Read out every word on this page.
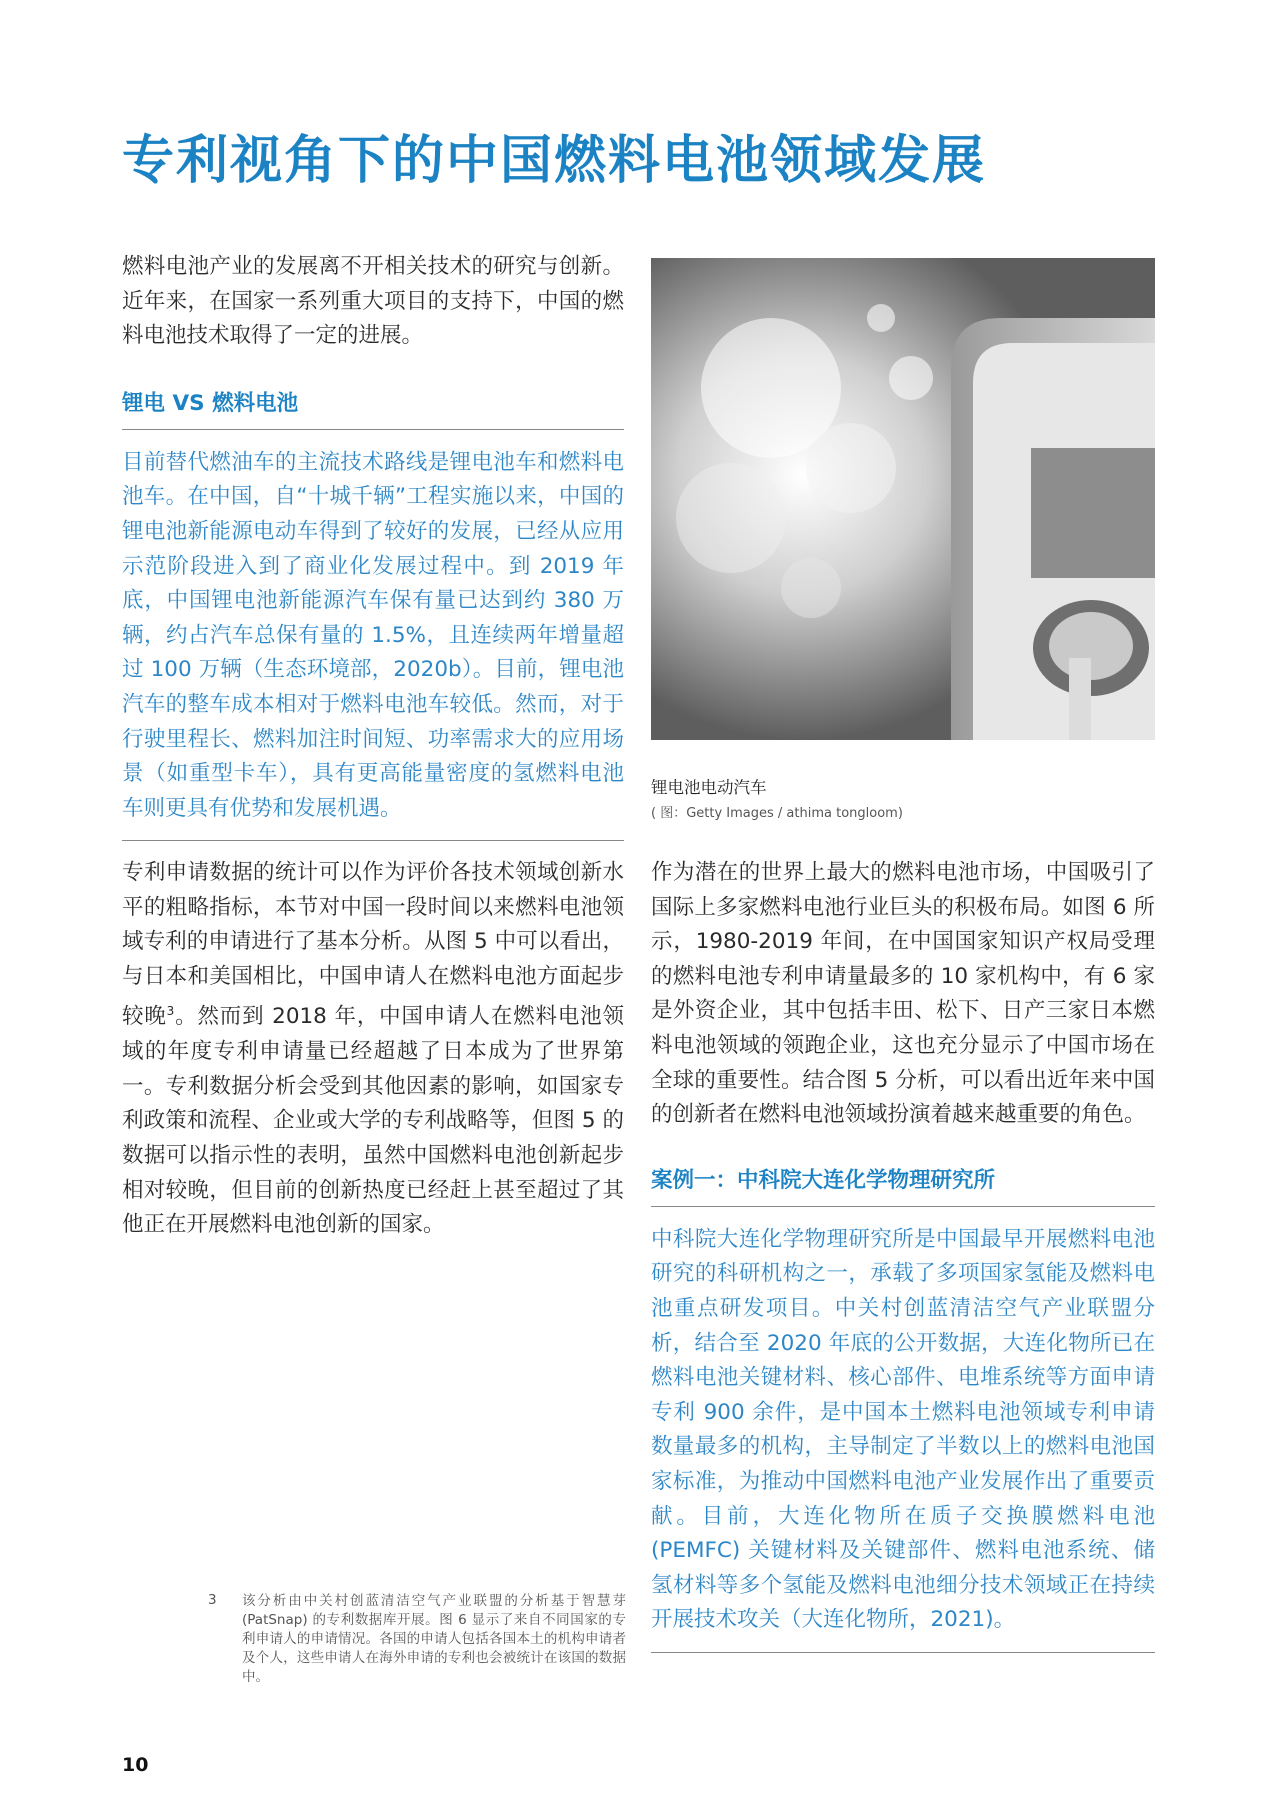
专利视角下的中国燃料电池领域发展

燃料电池产业的发展离不开相关技术的研究与创新。近年来，在国家一系列重大项目的支持下，中国的燃料电池技术取得了一定的进展。

锂电 VS 燃料电池

目前替代燃油车的主流技术路线是锂电池车和燃料电池车。在中国，自“十城千辆”工程实施以来，中国的锂电池新能源电动车得到了较好的发展，已经从应用示范阶段进入到了商业化发展过程中。到 2019 年底，中国锂电池新能源汽车保有量已达到约 380 万辆，约占汽车总保有量的 1.5%，且连续两年增量超过 100 万辆（生态环境部，2020b）。目前，锂电池汽车的整车成本相对于燃料电池车较低。然而，对于行驶里程长、燃料加注时间短、功率需求大的应用场景（如重型卡车），具有更高能量密度的氢燃料电池车则更具有优势和发展机遇。

锂电池电动汽车
( 图：Getty Images / athima tongloom)

专利申请数据的统计可以作为评价各技术领域创新水平的粗略指标，本节对中国一段时间以来燃料电池领域专利的申请进行了基本分析。从图 5 中可以看出，与日本和美国相比，中国申请人在燃料电池方面起步较晚$^3$。然而到 2018 年，中国申请人在燃料电池领域的年度专利申请量已经超越了日本成为了世界第一。专利数据分析会受到其他因素的影响，如国家专利政策和流程、企业或大学的专利战略等，但图 5 的数据可以指示性的表明，虽然中国燃料电池创新起步相对较晚，但目前的创新热度已经赶上甚至超过了其他正在开展燃料电池创新的国家。

作为潜在的世界上最大的燃料电池市场，中国吸引了国际上多家燃料电池行业巨头的积极布局。如图 6 所示，1980-2019 年间，在中国国家知识产权局受理的燃料电池专利申请量最多的 10 家机构中，有 6 家是外资企业，其中包括丰田、松下、日产三家日本燃料电池领域的领跑企业，这也充分显示了中国市场在全球的重要性。结合图 5 分析，可以看出近年来中国的创新者在燃料电池领域扮演着越来越重要的角色。

案例一：中科院大连化学物理研究所

中科院大连化学物理研究所是中国最早开展燃料电池研究的科研机构之一，承载了多项国家氢能及燃料电池重点研发项目。中关村创蓝清洁空气产业联盟分析，结合至 2020 年底的公开数据，大连化物所已在燃料电池关键材料、核心部件、电堆系统等方面申请专利 900 余件，是中国本土燃料电池领域专利申请数量最多的机构，主导制定了半数以上的燃料电池国家标准，为推动中国燃料电池产业发展作出了重要贡献。目前，大连化物所在质子交换膜燃料电池 (PEMFC) 关键材料及关键部件、燃料电池系统、储氢材料等多个氢能及燃料电池细分技术领域正在持续开展技术攻关（大连化物所，2021)。

3 该分析由中关村创蓝清洁空气产业联盟的分析基于智慧芽 (PatSnap) 的专利数据库开展。图 6 显示了来自不同国家的专利申请人的申请情况。各国的申请人包括各国本土的机构申请者及个人，这些申请人在海外申请的专利也会被统计在该国的数据中。
10
